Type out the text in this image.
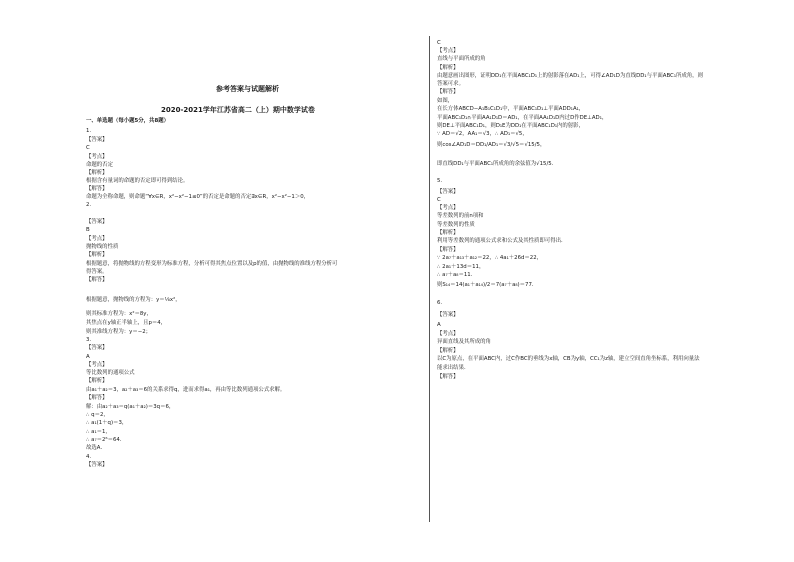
参考答案与试题解析
2020-2021学年江苏省高二（上）期中数学试卷
一、单选题（每小题5分，共8题）
1.
【答案】
C
【考点】
命题的否定
【解析】
根据含有量词的命题的否定即可得到结论。
【解答】
命题为全称命题，则命题“∀x∈R，x²−x²−1≤0”的否定是命题的否定∃x∈R，x²−x²−1＞0，
2.
【答案】
B
【考点】
抛物线的性质
【解析】
根据题意，将抛物线的方程变形为标准方程，分析可得其焦点位置以及p的值，由抛物线的准线方程分析可
得答案。
【解答】
根据题意，抛物线的方程为：y＝⅛x²，
则其标准方程为：x²＝8y，
其焦点在y轴正半轴上，且p＝4，
则其准线方程为：y＝−2；
3.
【答案】
A
【考点】
等比数列的通项公式
【解析】
由a₁＋a₂＝3，a₂＋a₃＝6的关系求得q，进而求得a₁，再由等比数列通项公式求解。
【解答】
解：由a₂＋a₃＝q(a₁＋a₂)＝3q＝6，
∴ q＝2，
∴ a₁(1＋q)＝3，
∴ a₁＝1，
∴ a₇＝2⁶＝64．
故选A．
4.
【答案】
C
【考点】
直线与平面所成的角
【解析】
由题意画出图形，证明DD₁在平面ABC₁D₁上的射影落在AD₁上，可得∠AD₁D为直线DD₁与平面ABC₁所成角，则
答案可求。
【解答】
如图，
在长方体ABCD−A₁B₁C₁D₁中，平面ABC₁D₁⊥平面ADD₁A₁，
平面ABC₁D₁∩平面AA₁D₁D＝AD₁，在平面AA₁D₁D内过D作DE⊥AD₁，
则DE⊥平面ABC₁D₁，则D₁E为DD₁在平面ABC₁D₁内的射影，
∵ AD＝√2，AA₁＝√3，∴ AD₁＝√5，
则cos∠AD₁D＝DD₁/AD₁＝√3/√5＝√15/5，
即直线DD₁与平面ABC₁所成角的余弦值为√15/5．
5.
【答案】
C
【考点】
等差数列的前n项和
等差数列的性质
【解析】
利用等差数列的通项公式求和公式及其性质即可得出．
【解答】
∵ 2a₇＋a₁₃＋a₁₂＝22，∴ 4a₁＋26d＝22，
∴ 2a₁＋13d＝11，
∴ a₇＋a₈＝11．
则S₁₄＝14(a₁＋a₁₄)/2＝7(a₇＋a₈)＝77．
6.
【答案】
A
【考点】
异面直线及其所成的角
【解析】
以C为原点，在平面ABC内，过C作BC的垂线为x轴，CB为y轴，CC₁为z轴，建立空间直角坐标系，利用向量法
能求出结果．
【解答】
